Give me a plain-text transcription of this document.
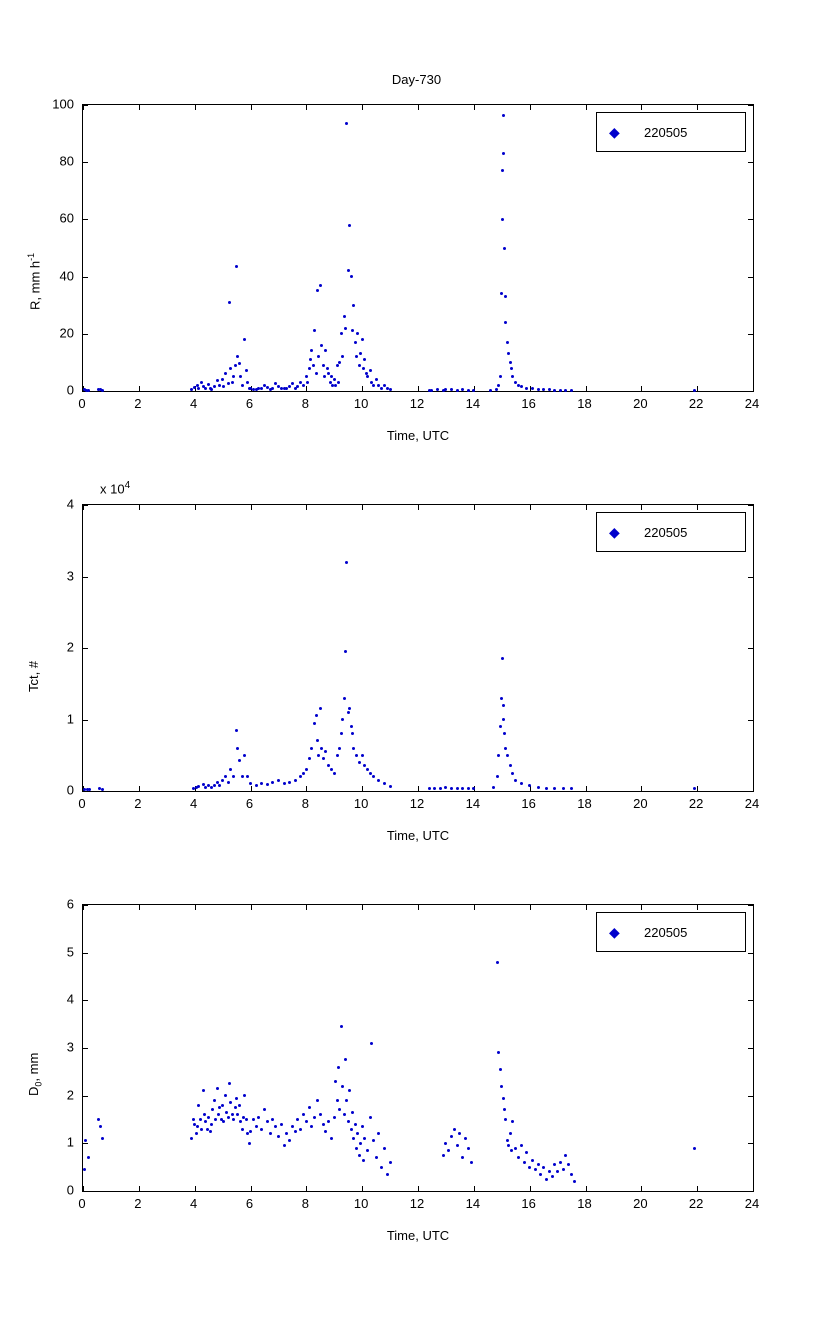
Day-730
Time, UTC
R, mm $h^{-1}$
◆ 220505
0	2	4	6	8	10	12	14	16	18	20	22	24
0
20
40
60
80
100
x $10^4$
Time, UTC
Tct, #
◆ 220505
0	2	4	6	8	10	12	14	16	18	20	22	24
0
1
2
3
4
Time, UTC
$D_0$, mm
◆ 220505
0	2	4	6	8	10	12	14	16	18	20	22	24
0
1
2
3
4
5
6
